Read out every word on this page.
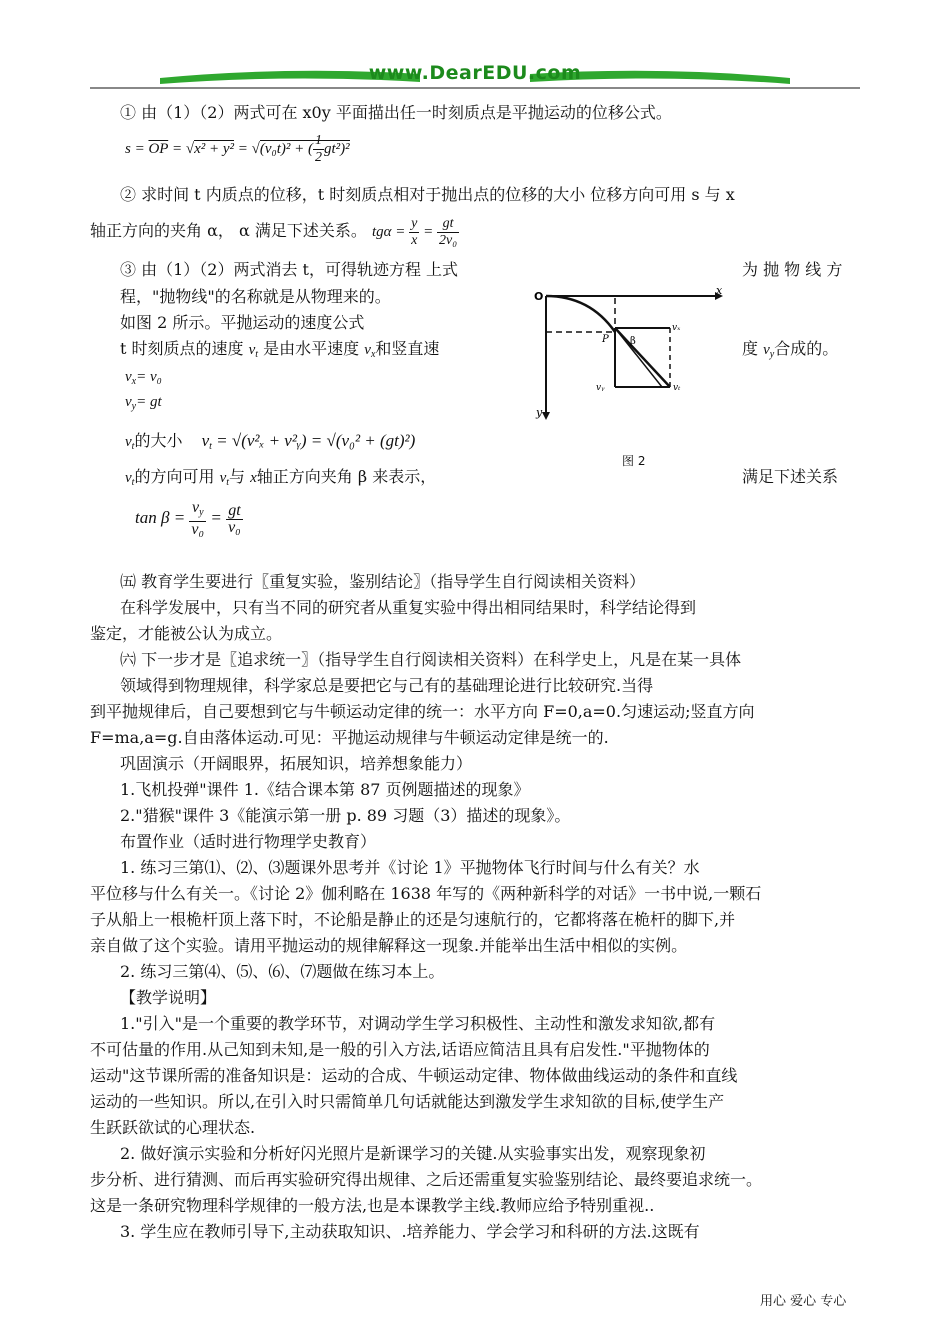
www.DearEDU.com
① 由（1）（2）两式可在 x0y 平面描出任一时刻质点是平抛运动的位移公式。
$s = \overline{OP} = √x^2 + y^2 = √(v_0t)^2$ + ( $\frac{1}{2} gt^2)^2$
② 求时间 t 内质点的位移，t 时刻质点相对于抛出点的位移的大小 位移方向可用 s 与 x
轴正方向的夹角 α， α 满足下述关系。 $tg\alpha = \frac{y}{x} = \frac{gt}{\text{2v₀}}$
③ 由（1）（2）两式消去 t，可得轨迹方程 上式	为 抛 物 线 方
程，"抛物线"的名称就是从物理来的。
如图 2 所示。平抛运动的速度公式
t 时刻质点的速度 $v_t$ 是由水平速度 $v_x$和竖直速	度 $v_y$合成的。
$v_x= v_0$
$v_y=$ gt
$v_t$的大小 $v_t = √(v^2_x$ + v²ᵧ) = √(v₀² + (gt)²)
$v_t$的方向可用 $v_t$与 x轴正方向夹角 β 来表示，	满足下述关系
$\tan \beta = \frac{v_y}{\text{v₀}} = \frac{gt}{\text{v₀}}$
O	x
y
P β
vₓ
vᵧ	vₜ
图 2
㈤ 教育学生要进行〖重复实验，鉴别结论〗（指导学生自行阅读相关资料）
在科学发展中，只有当不同的研究者从重复实验中得出相同结果时，科学结论得到
鉴定，才能被公认为成立。
㈥ 下一步才是〖追求统一〗（指导学生自行阅读相关资料）在科学史上，凡是在某一具体
领域得到物理规律，科学家总是要把它与己有的基础理论进行比较研究.当得
到平抛规律后，自己要想到它与牛顿运动定律的统一：水平方向 F=0,a=0.匀速运动;竖直方向
F=ma,a=g.自由落体运动.可见：平抛运动规律与牛顿运动定律是统一的.
巩固演示（开阔眼界，拓展知识，培养想象能力）
1.飞机投弹"课件 1.《结合课本第 87 页例题描述的现象》
2."猎猴"课件 3《能演示第一册 p. 89 习题（3）描述的现象》。
布置作业（适时进行物理学史教育）
1. 练习三第⑴、⑵、⑶题课外思考并《讨论 1》平抛物体飞行时间与什么有关？水
平位移与什么有关一。《讨论 2》伽利略在 1638 年写的《两种新科学的对话》一书中说,一颗石
子从船上一根桅杆顶上落下时，不论船是静止的还是匀速航行的，它都将落在桅杆的脚下,并
亲自做了这个实验。请用平抛运动的规律解释这一现象.并能举出生活中相似的实例。
2. 练习三第⑷、⑸、⑹、⑺题做在练习本上。
【教学说明】
1."引入"是一个重要的教学环节，对调动学生学习积极性、主动性和激发求知欲,都有
不可估量的作用.从己知到未知,是一般的引入方法,话语应简洁且具有启发性."平抛物体的
运动"这节课所需的准备知识是：运动的合成、牛顿运动定律、物体做曲线运动的条件和直线
运动的一些知识。所以,在引入时只需简单几句话就能达到激发学生求知欲的目标,使学生产
生跃跃欲试的心理状态.
2. 做好演示实验和分析好闪光照片是新课学习的关键.从实验事实出发，观察现象初
步分析、进行猜测、而后再实验研究得出规律、之后还需重复实验鉴别结论、最终要追求统一。
这是一条研究物理科学规律的一般方法,也是本课教学主线.教师应给予特别重视..
3. 学生应在教师引导下,主动获取知识、.培养能力、学会学习和科研的方法.这既有
用心 爱心 专心
